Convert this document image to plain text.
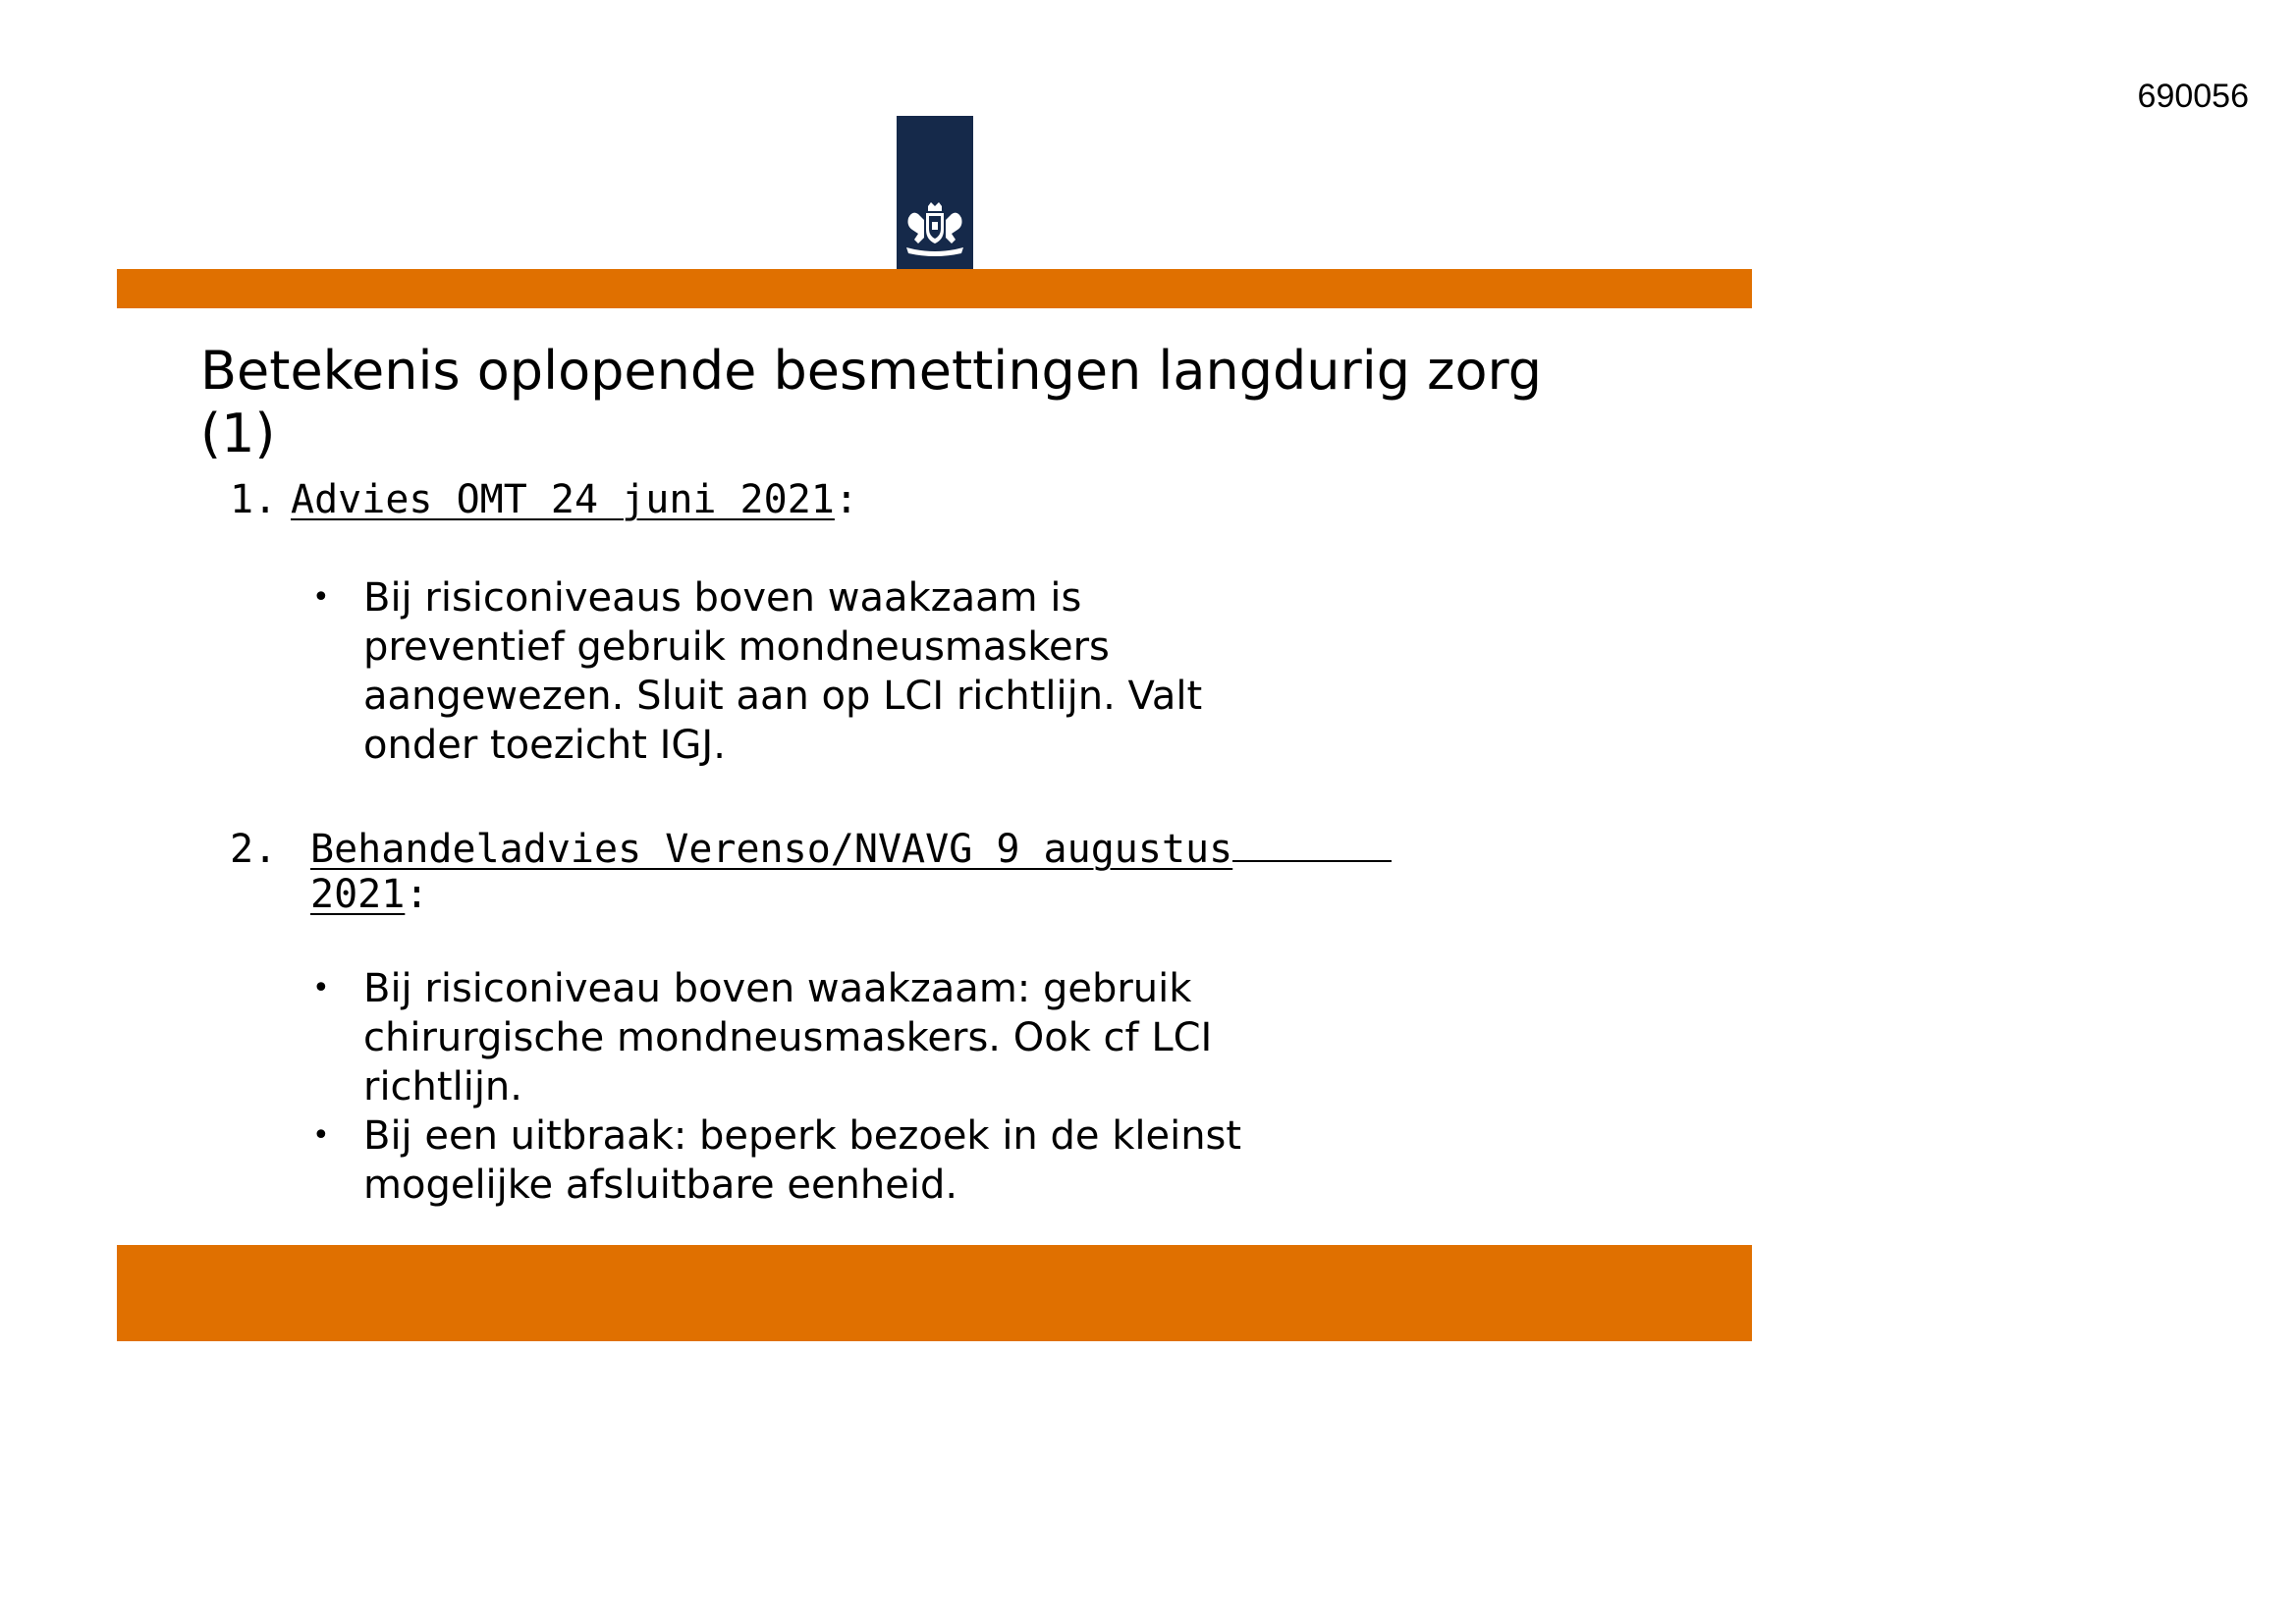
690056
Betekenis oplopende besmettingen langdurig zorg
(1)

1. Advies OMT 24 juni 2021:

• Bij risiconiveaus boven waakzaam is
preventief gebruik mondneusmaskers
aangewezen. Sluit aan op LCI richtlijn. Valt
onder toezicht IGJ.

2. Behandeladvies Verenso/NVAVG 9 augustus

2021:

• Bij risiconiveau boven waakzaam: gebruik
chirurgische mondneusmaskers. Ook cf LCI
richtlijn.
• Bij een uitbraak: beperk bezoek in de kleinst
mogelijke afsluitbare eenheid.
